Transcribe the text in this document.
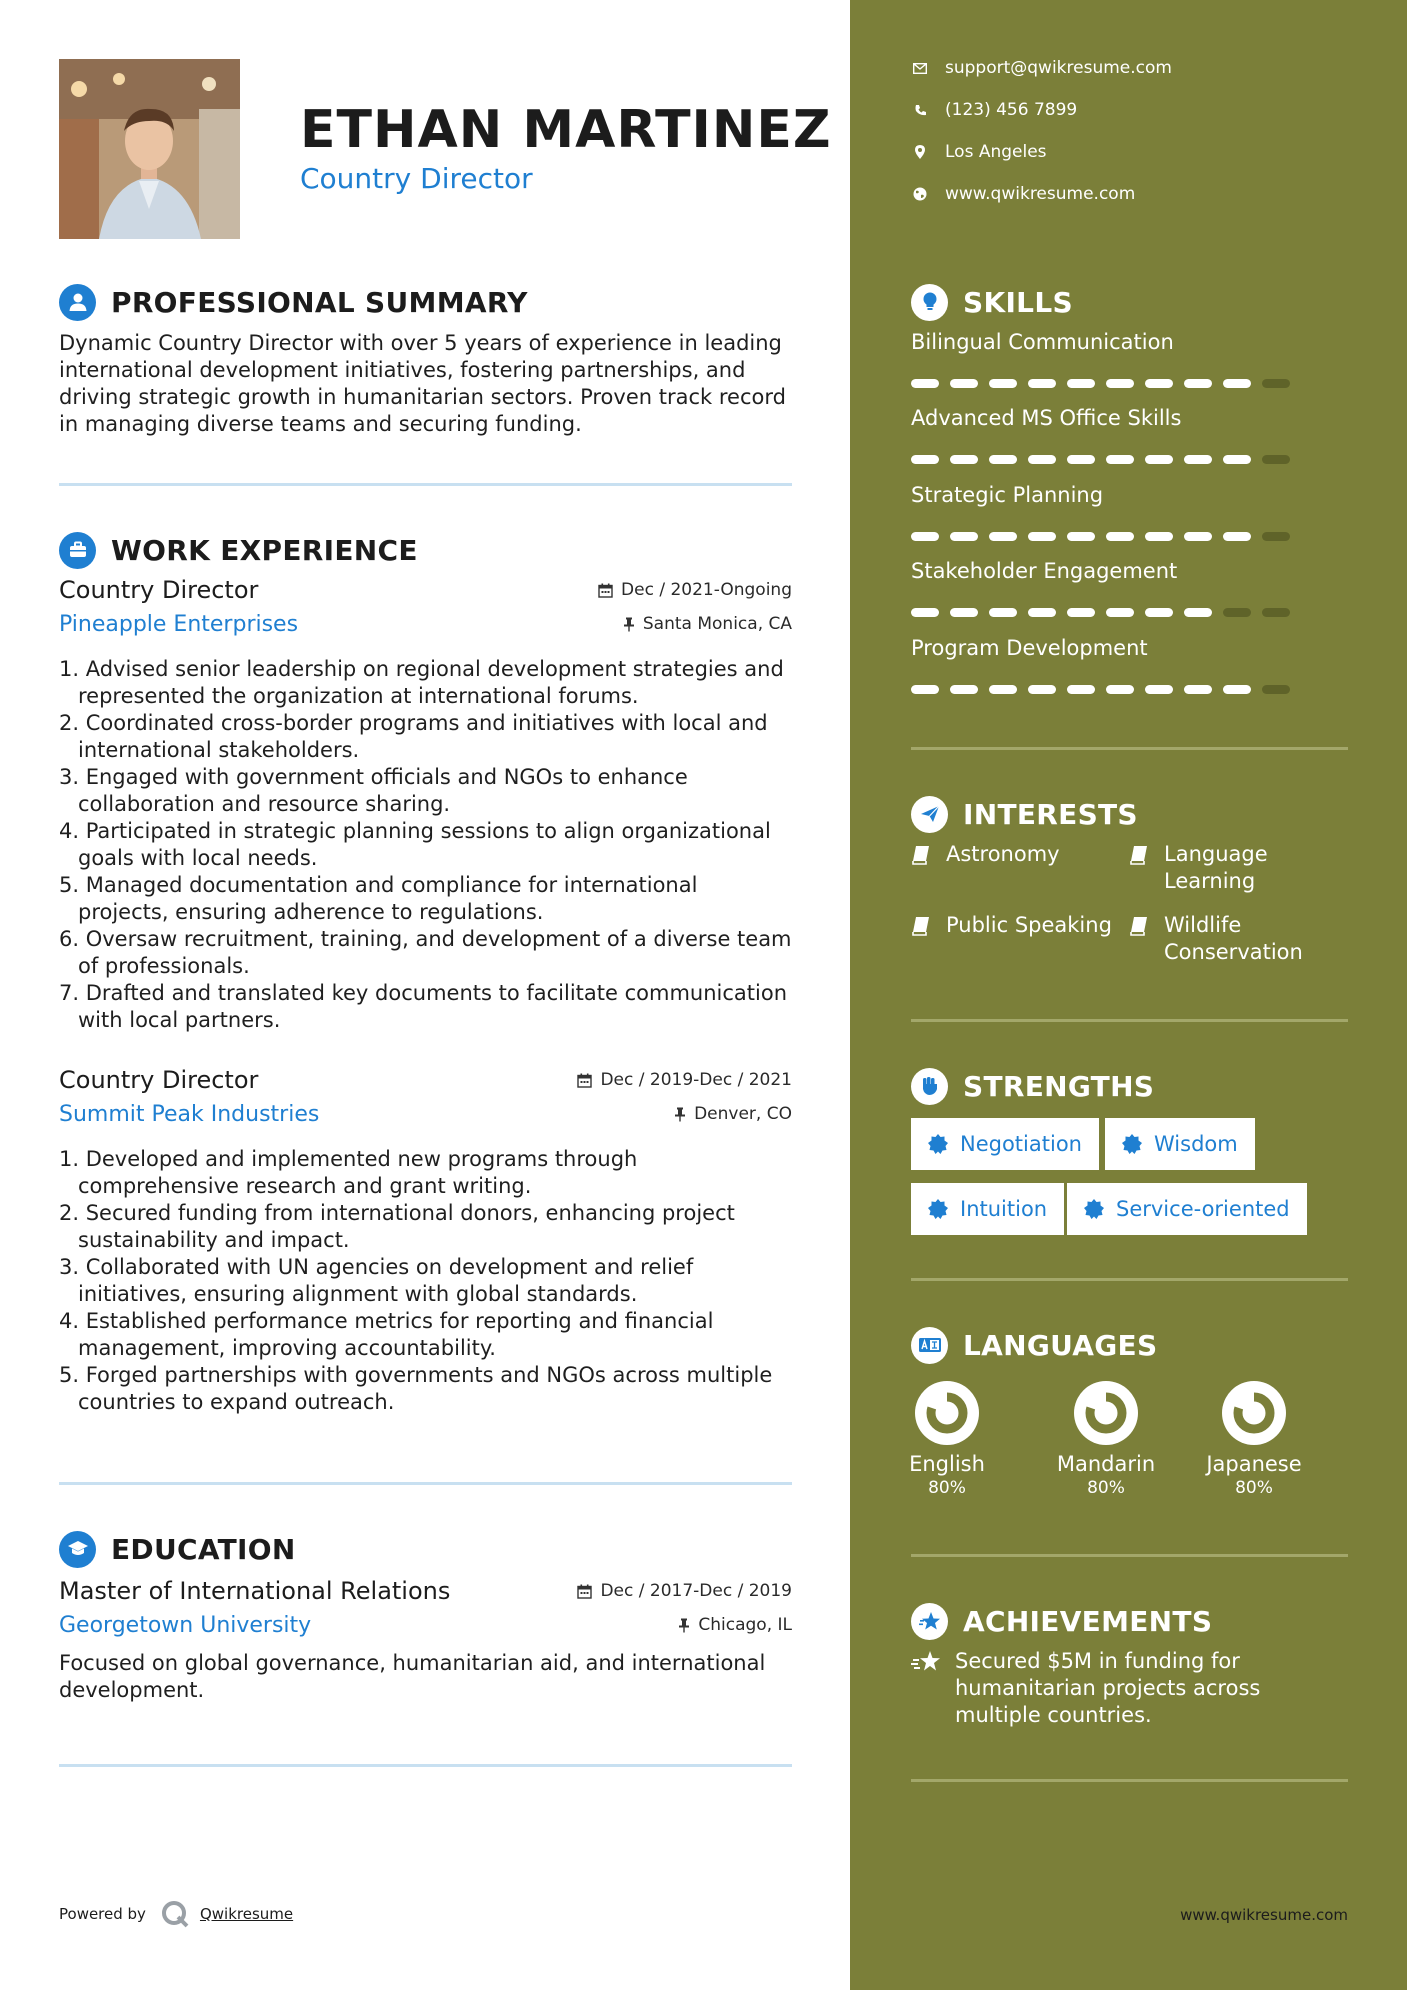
ETHAN MARTINEZ
Country Director
PROFESSIONAL SUMMARY
Dynamic Country Director with over 5 years of experience in leading
international development initiatives, fostering partnerships, and
driving strategic growth in humanitarian sectors. Proven track record
in managing diverse teams and securing funding.
WORK EXPERIENCE
Country Director	Dec / 2021-Ongoing
Pineapple Enterprises	Santa Monica, CA
1. Advised senior leadership on regional development strategies and
represented the organization at international forums.
2. Coordinated cross-border programs and initiatives with local and
international stakeholders.
3. Engaged with government officials and NGOs to enhance
collaboration and resource sharing.
4. Participated in strategic planning sessions to align organizational
goals with local needs.
5. Managed documentation and compliance for international
projects, ensuring adherence to regulations.
6. Oversaw recruitment, training, and development of a diverse team
of professionals.
7. Drafted and translated key documents to facilitate communication
with local partners.
Country Director	Dec / 2019-Dec / 2021
Summit Peak Industries	Denver, CO
1. Developed and implemented new programs through
comprehensive research and grant writing.
2. Secured funding from international donors, enhancing project
sustainability and impact.
3. Collaborated with UN agencies on development and relief
initiatives, ensuring alignment with global standards.
4. Established performance metrics for reporting and financial
management, improving accountability.
5. Forged partnerships with governments and NGOs across multiple
countries to expand outreach.
EDUCATION
Master of International Relations	Dec / 2017-Dec / 2019
Georgetown University	Chicago, IL
Focused on global governance, humanitarian aid, and international
development.
Powered by	Qwikresume	www.qwikresume.com
support@qwikresume.com
(123) 456 7899
Los Angeles
www.qwikresume.com
SKILLS
Bilingual Communication
Advanced MS Office Skills
Strategic Planning
Stakeholder Engagement
Program Development
INTERESTS
Astronomy	Language
Learning
Public Speaking Wildlife
Conservation
STRENGTHS
Negotiation	Wisdom
Intuition	Service-oriented
LANGUAGES
English
80%
Mandarin
80%
Japanese
80%
ACHIEVEMENTS
Secured $5M in funding for
humanitarian projects across
multiple countries.
